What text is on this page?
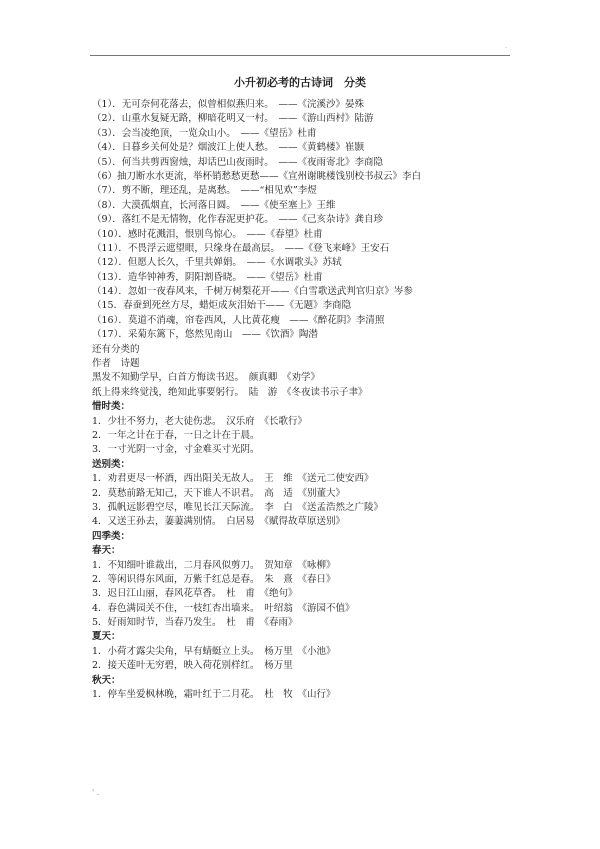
·
小升初必考的古诗词　分类
（1）．无可奈何花落去，似曾相似燕归来。　——《浣溪沙》晏殊
（2）．山重水复疑无路，柳暗花明又一村。　——《游山西村》陆游
（3）．会当凌绝顶，一览众山小。　——《望岳》杜甫
（4）．日暮乡关何处是？烟波江上使人愁。　——《黄鹤楼》崔颢
（5）．何当共剪西窗烛，却话巴山夜雨时。　——《夜雨寄北》李商隐
（6）抽刀断水水更流，举杯销愁愁更愁——《宣州谢眺楼饯别校书叔云》李白
（7）．剪不断，理还乱，是离愁。　——“相见欢”李煜
（8）．大漠孤烟直，长河落日圆。　——《使至塞上》王维
（9）．落红不是无情物，化作春泥更护花。　——《己亥杂诗》龚自珍
（10）．感时花溅泪，恨别鸟惊心。　——《春望》杜甫
（11）．不畏浮云遮望眼，只缘身在最高层。　——《登飞来峰》王安石
（12）．但愿人长久，千里共婵娟。　——《水调歌头》苏轼
（13）．造华钟神秀，阴阳割昏晓。　——《望岳》杜甫
（14）．忽如一夜春风来，千树万树梨花开——《白雪歌送武判官归京》岑参
（15．春蚕到死丝方尽，蜡炬成灰泪始干——《无题》李商隐
（16）．莫道不消魂，帘卷西风，人比黄花瘦　——《醉花阴》李清照
（17）．采菊东篱下，悠然见南山　——《饮酒》陶潜
还有分类的
作者　诗题
黑发不知勤学早，白首方悔读书迟。　颜真卿　《劝学》
纸上得来终觉浅，绝知此事要躬行。　陆　游　《冬夜读书示子聿》
惜时类：
1．少壮不努力，老大徒伤悲。　汉乐府　《长歌行》
2．一年之计在于春，一日之计在于晨。
3．一寸光阴一寸金，寸金难买寸光阴。
送别类：
1．劝君更尽一杯酒，西出阳关无故人。　王　维　《送元二使安西》
2．莫愁前路无知己，天下谁人不识君。　高　适　《别董大》
3．孤帆远影碧空尽，唯见长江天际流。　李　白　《送孟浩然之广陵》
4．又送王孙去，萋萋满别情。　白居易　《赋得故草原送别》
四季类：
春天：
1．不知细叶谁裁出，二月春风似剪刀。　贺知章　《咏柳》
2．等闲识得东风面，万紫千红总是春。　朱　熹　《春日》
3．迟日江山丽，春风花草香。　杜　甫　《绝句》
4．春色满园关不住，一枝红杏出墙来。　叶绍翁　《游园不值》
5．好雨知时节，当春乃发生。　杜　甫　《春雨》
夏天：
1．小荷才露尖尖角，早有蜻蜓立上头。　杨万里　《小池》
2．接天莲叶无穷碧，映入荷花别样红。　杨万里
秋天：
1．停车坐爱枫林晚，霜叶红于二月花。　杜　牧　《山行》
' .
